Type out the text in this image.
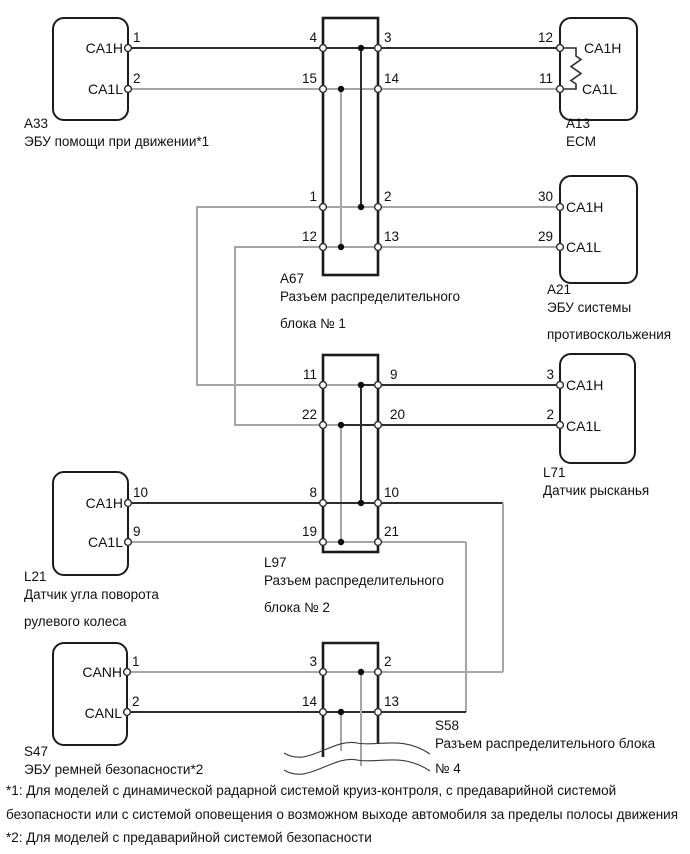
CA1H
CA1L
1
2
A33
ЭБУ помощи при движении*1
12
11
CA1H
CA1L
A13
ECM
4	3
15	14
1	2
12	13
A67
Разъем распределительного
блока № 1
30
29
CA1H
CA1L
A21
ЭБУ системы
противоскольжения
11	9
22	20
8	10
19	21
L97
Разъем распределительного
блока № 2
3
2
CA1H
CA1L
L71
Датчик рысканья
CA1H
CA1L
10
9
L21
Датчик угла поворота
рулевого колеса
CANH
CANL
1
2
S47
ЭБУ ремней безопасности*2
3	2
14	13
S58
Разъем распределительного блока
№ 4
*1: Для моделей с динамической радарной системой круиз-контроля, с предаварийной системой
безопасности или с системой оповещения о возможном выходе автомобиля за пределы полосы движения
*2: Для моделей с предаварийной системой безопасности
